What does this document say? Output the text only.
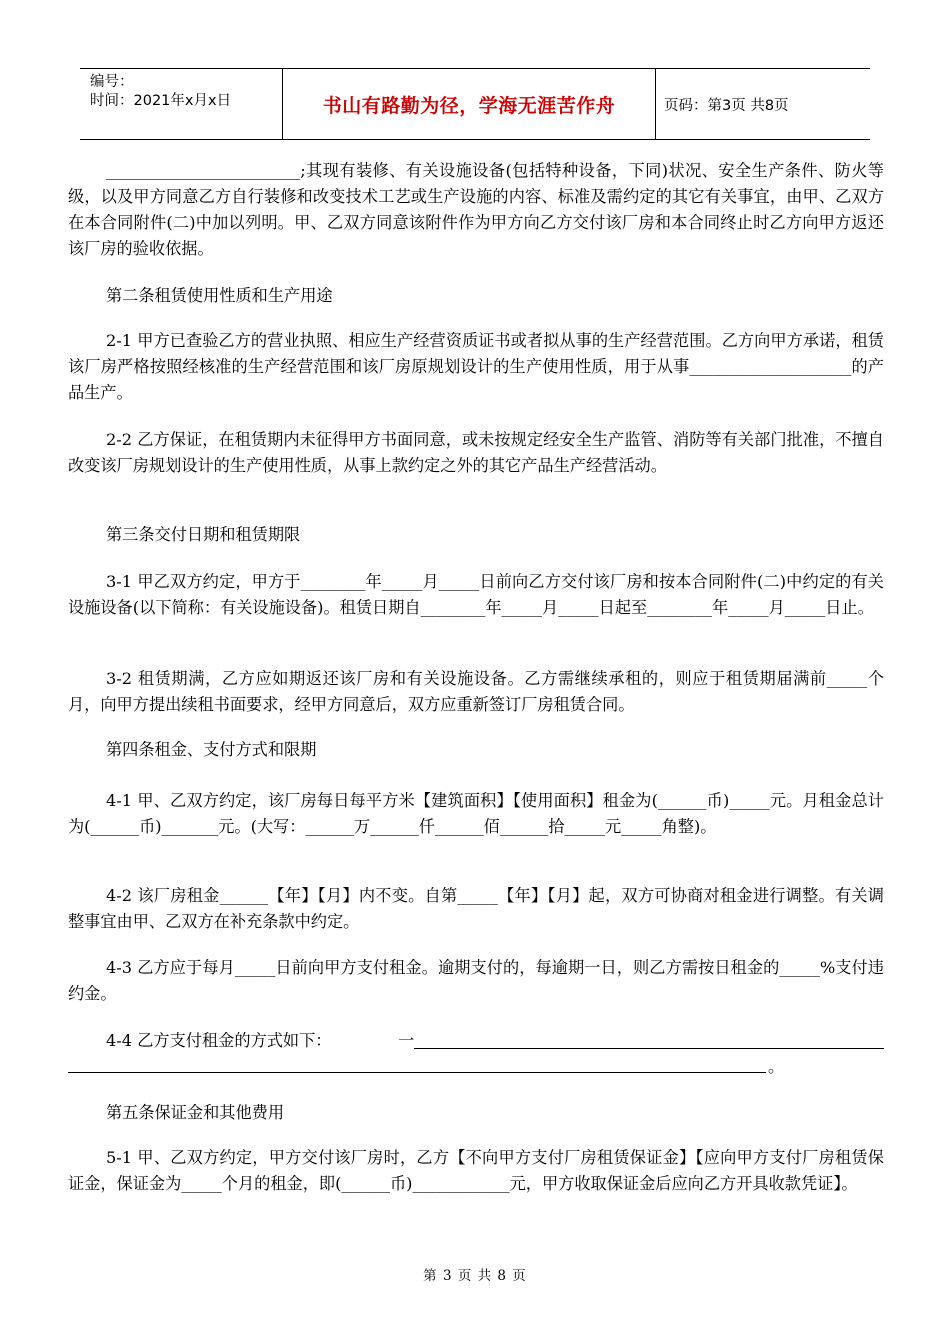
编号：
时间：2021年x月x日	书山有路勤为径，学海无涯苦作舟	页码：第3页 共8页
________________________;其现有装修、有关设施设备(包括特种设备，下同)状况、安全生产条件、防火等级，以及甲方同意乙方自行装修和改变技术工艺或生产设施的内容、标准及需约定的其它有关事宜，由甲、乙双方在本合同附件(二)中加以列明。甲、乙双方同意该附件作为甲方向乙方交付该厂房和本合同终止时乙方向甲方返还该厂房的验收依据。
第二条租赁使用性质和生产用途
2-1 甲方已查验乙方的营业执照、相应生产经营资质证书或者拟从事的生产经营范围。乙方向甲方承诺，租赁该厂房严格按照经核准的生产经营范围和该厂房原规划设计的生产使用性质，用于从事____________________的产品生产。
2-2 乙方保证，在租赁期内未征得甲方书面同意，或未按规定经安全生产监管、消防等有关部门批准，不擅自改变该厂房规划设计的生产使用性质，从事上款约定之外的其它产品生产经营活动。
第三条交付日期和租赁期限
3-1 甲乙双方约定，甲方于________年_____月_____日前向乙方交付该厂房和按本合同附件(二)中约定的有关设施设备(以下简称：有关设施设备)。租赁日期自________年_____月_____日起至________年_____月_____日止。
3-2 租赁期满，乙方应如期返还该厂房和有关设施设备。乙方需继续承租的，则应于租赁期届满前_____个月，向甲方提出续租书面要求，经甲方同意后，双方应重新签订厂房租赁合同。
第四条租金、支付方式和限期
4-1 甲、乙双方约定，该厂房每日每平方米【建筑面积】【使用面积】租金为(______币)_____元。月租金总计为(______币)_______元。(大写：______万______仟______佰______拾_____元_____角整)。
4-2 该厂房租金______【年】【月】内不变。自第_____【年】【月】起，双方可协商对租金进行调整。有关调整事宜由甲、乙双方在补充条款中约定。
4-3 乙方应于每月_____日前向甲方支付租金。逾期支付的，每逾期一日，则乙方需按日租金的_____%支付违约金。
4-4 乙方支付租金的方式如下：	一
。
第五条保证金和其他费用
5-1 甲、乙双方约定，甲方交付该厂房时，乙方【不向甲方支付厂房租赁保证金】【应向甲方支付厂房租赁保证金，保证金为_____个月的租金，即(______币)____________元，甲方收取保证金后应向乙方开具收款凭证】。
第 3 页 共 8 页
